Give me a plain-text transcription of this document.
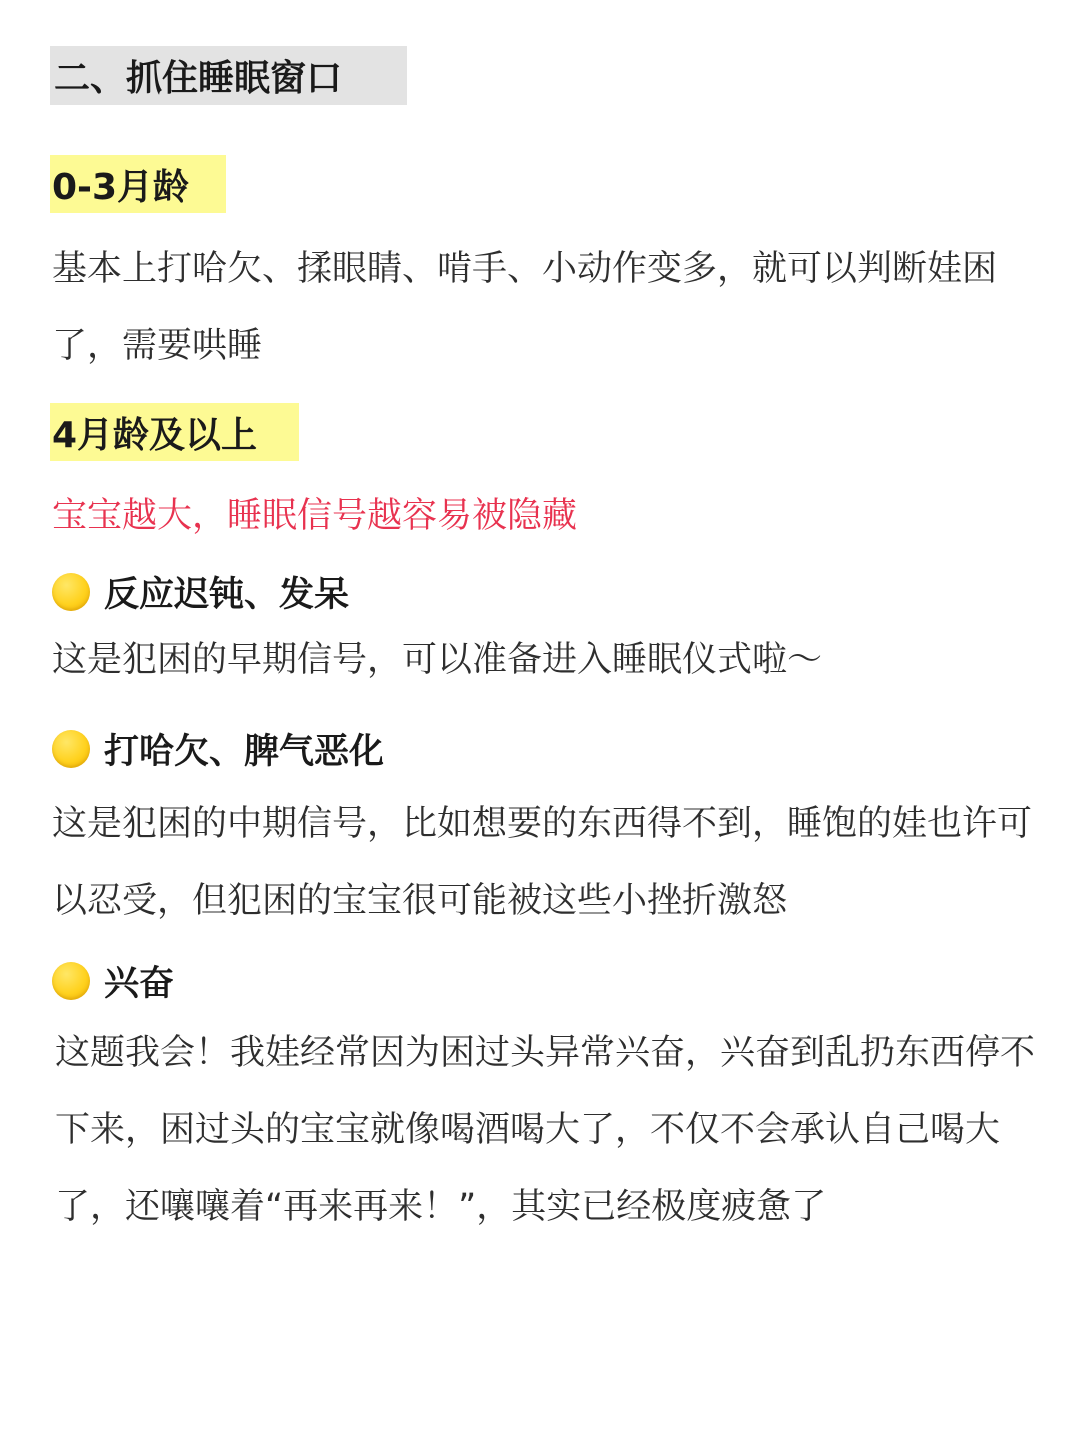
二、抓住睡眠窗口
0-3月龄

基本上打哈欠、揉眼睛、啃手、小动作变多，就可以判断娃困了，需要哄睡

4月龄及以上
宝宝越大，睡眠信号越容易被隐藏
反应迟钝、发呆

这是犯困的早期信号，可以准备进入睡眠仪式啦～

打哈欠、脾气恶化

这是犯困的中期信号，比如想要的东西得不到，睡饱的娃也许可以忍受，但犯困的宝宝很可能被这些小挫折激怒

兴奋

这题我会！我娃经常因为困过头异常兴奋，兴奋到乱扔东西停不下来，困过头的宝宝就像喝酒喝大了，不仅不会承认自己喝大了，还嚷嚷着“再来再来！”，其实已经极度疲惫了
